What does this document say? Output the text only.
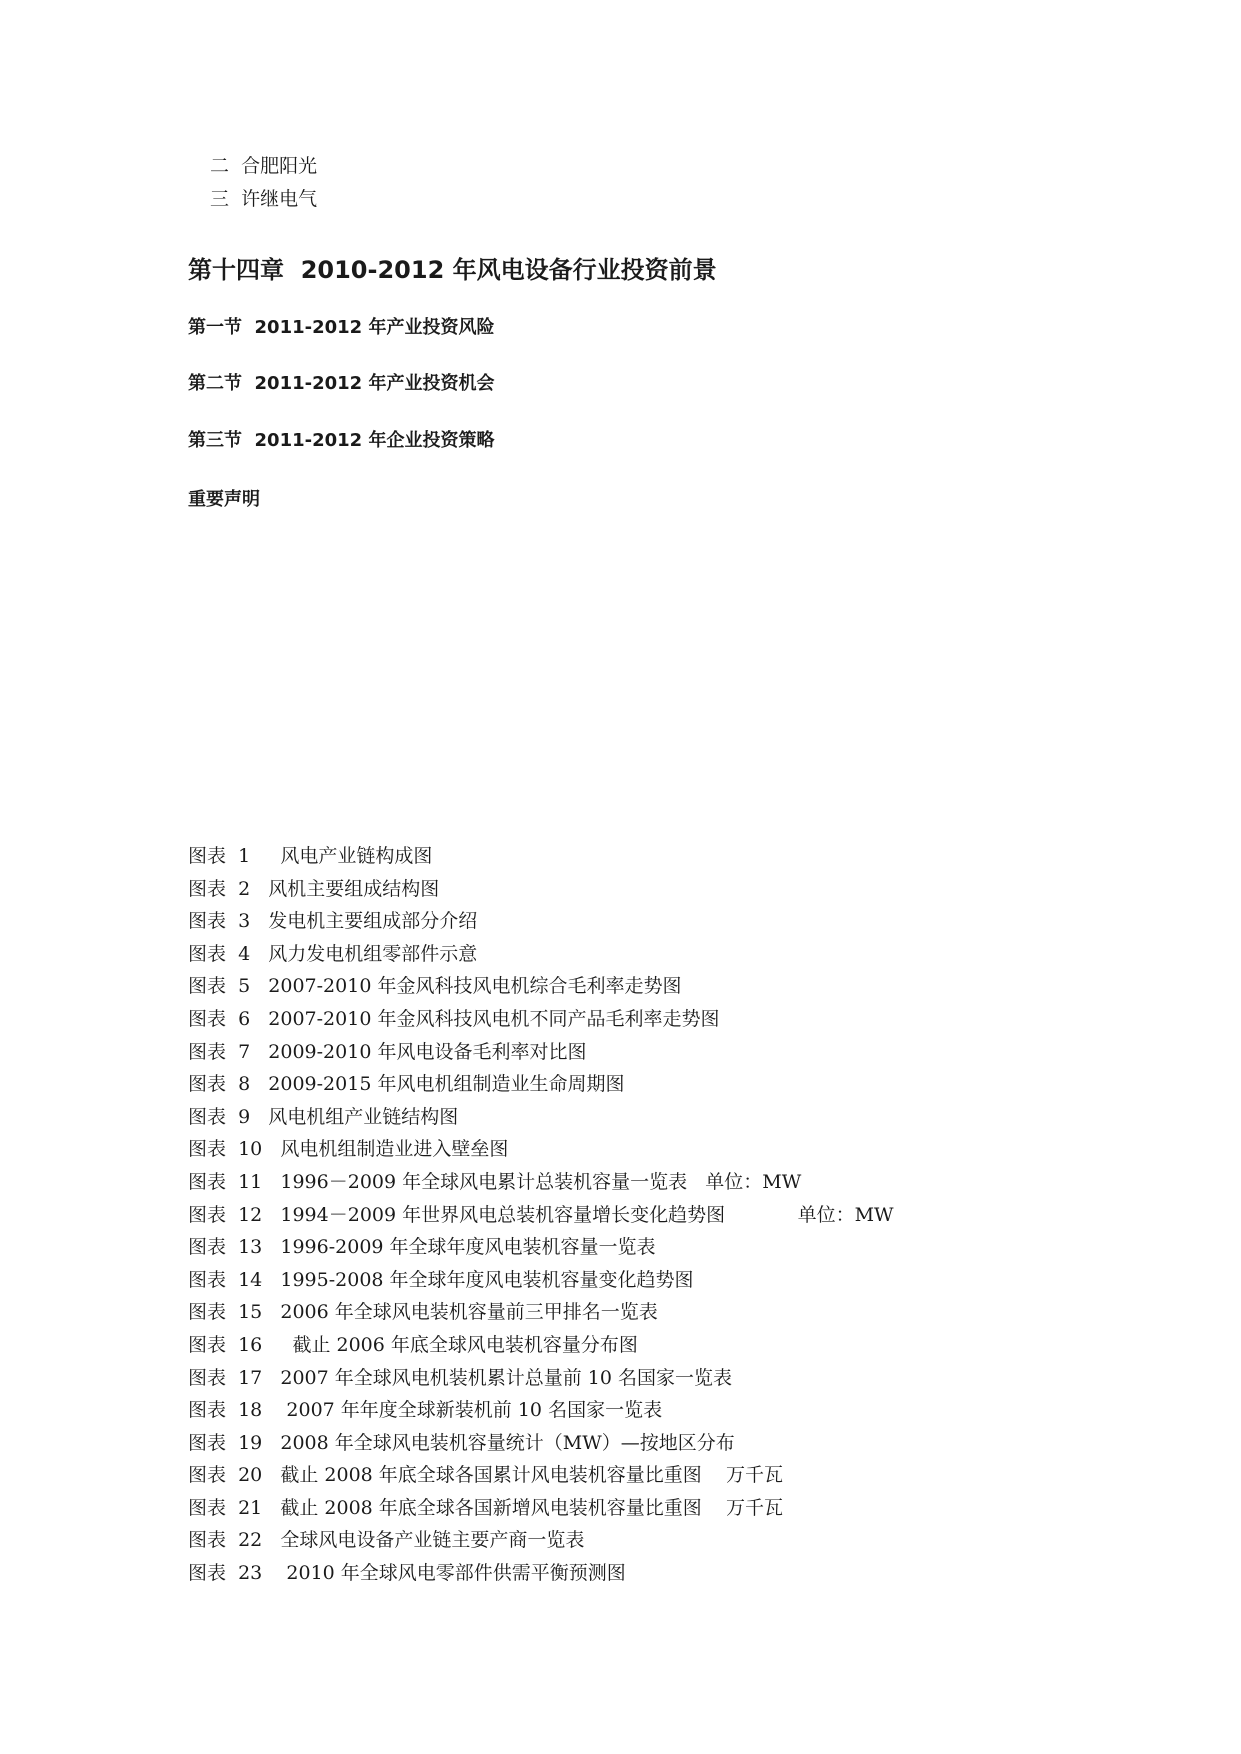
二  合肥阳光
三  许继电气
第十四章  2010-2012 年风电设备行业投资前景
第一节  2011-2012 年产业投资风险
第二节  2011-2012 年产业投资机会
第三节  2011-2012 年企业投资策略
重要声明
图表  1     风电产业链构成图
图表  2   风机主要组成结构图
图表  3   发电机主要组成部分介绍
图表  4   风力发电机组零部件示意
图表  5   2007-2010 年金风科技风电机综合毛利率走势图
图表  6   2007-2010 年金风科技风电机不同产品毛利率走势图
图表  7   2009-2010 年风电设备毛利率对比图
图表  8   2009-2015 年风电机组制造业生命周期图
图表  9   风电机组产业链结构图
图表  10   风电机组制造业进入壁垒图
图表  11   1996－2009 年全球风电累计总装机容量一览表   单位：MW
图表  12   1994－2009 年世界风电总装机容量增长变化趋势图            单位：MW
图表  13   1996-2009 年全球年度风电装机容量一览表
图表  14   1995-2008 年全球年度风电装机容量变化趋势图
图表  15   2006 年全球风电装机容量前三甲排名一览表
图表  16     截止 2006 年底全球风电装机容量分布图
图表  17   2007 年全球风电机装机累计总量前 10 名国家一览表
图表  18    2007 年年度全球新装机前 10 名国家一览表
图表  19   2008 年全球风电装机容量统计（MW）—按地区分布
图表  20   截止 2008 年底全球各国累计风电装机容量比重图    万千瓦
图表  21   截止 2008 年底全球各国新增风电装机容量比重图    万千瓦
图表  22   全球风电设备产业链主要产商一览表
图表  23    2010 年全球风电零部件供需平衡预测图
